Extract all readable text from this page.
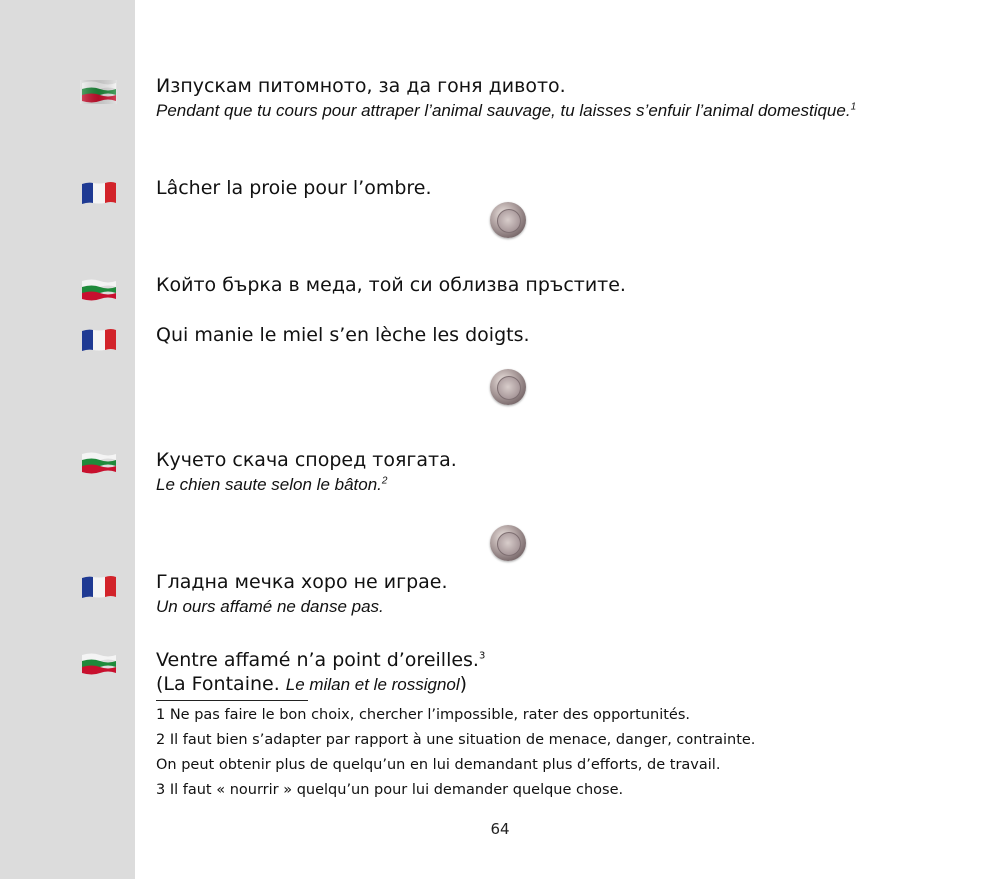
Изпускам питомното, за да гоня дивото.
Pendant que tu cours pour attraper l’animal sauvage, tu laisses s’enfuir l’animal domestique.$^1$
Lâcher la proie pour l’ombre.
Който бърка в меда, той си облизва пръстите.
Qui manie le miel s’en lèche les doigts.
Кучето скача според тоягата.
Le chien saute selon le bâton.$^2$
Гладна мечка хоро не играе.
Un ours affamé ne danse pas.
Ventre affamé n’a point d’oreilles.$^3$
(La Fontaine. Le milan et le rossignol)
1 Ne pas faire le bon choix, chercher l’impossible, rater des opportunités.
2 Il faut bien s’adapter par rapport à une situation de menace, danger, contrainte.
On peut obtenir plus de quelqu’un en lui demandant plus d’efforts, de travail.
3 Il faut « nourrir » quelqu’un pour lui demander quelque chose.
64
